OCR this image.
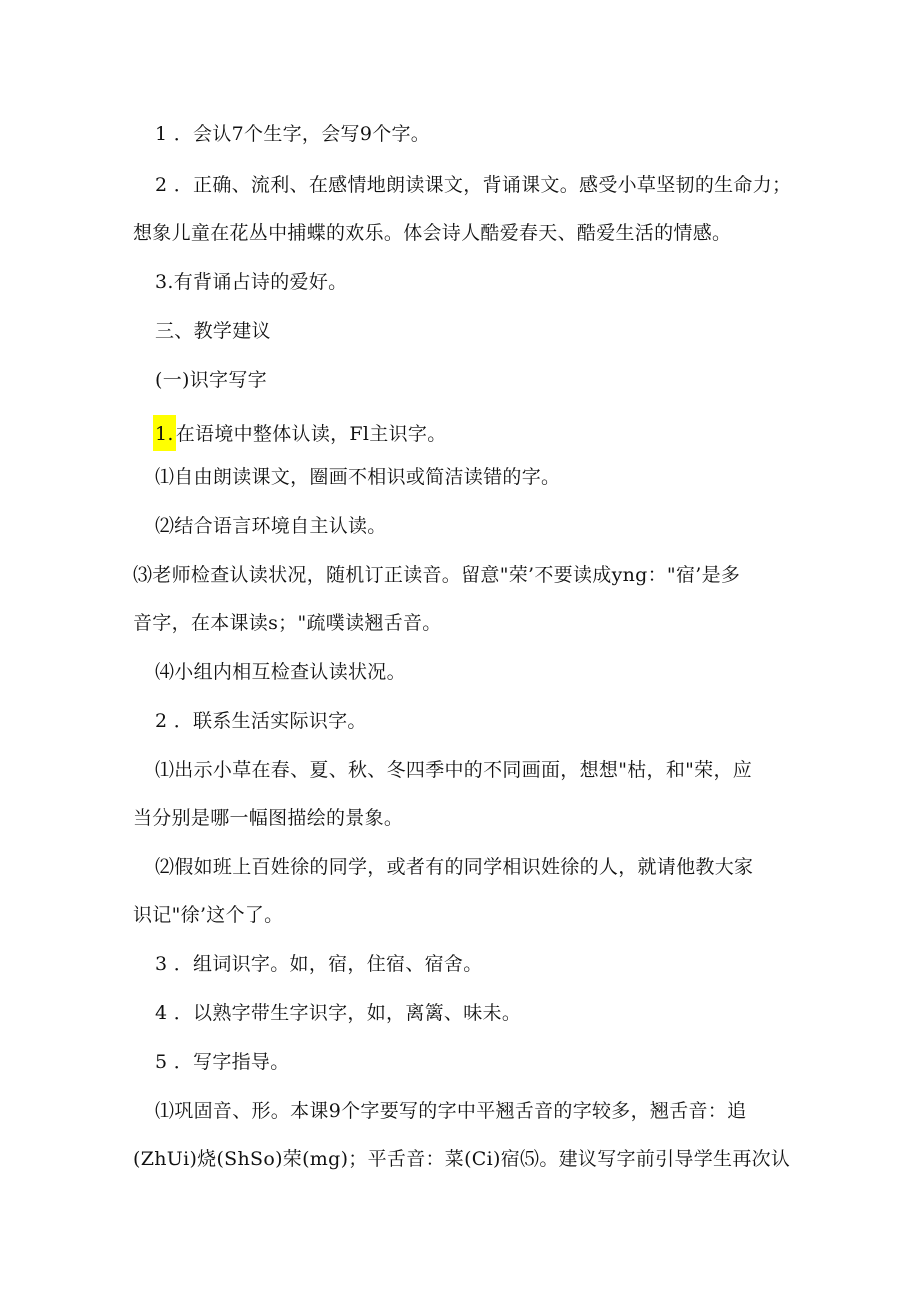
1 ．会认7个生字，会写9个字。
2 ．正确、流利、在感情地朗读课文，背诵课文。感受小草坚韧的生命力；
想象儿童在花丛中捕蝶的欢乐。体会诗人酷爱春天、酷爱生活的情感。
3.有背诵占诗的爱好。
三、教学建议
(一)识字写字
1. 在语境中整体认读，Fl主识字。
⑴自由朗读课文，圈画不相识或简洁读错的字。
⑵结合语言环境自主认读。
⑶老师检查认读状况，随机订正读音。留意"荣’不要读成yng："宿’是多
音字，在本课读s；"疏噗读翘舌音。
⑷小组内相互检查认读状况。
2 ．联系生活实际识字。
⑴出示小草在春、夏、秋、冬四季中的不同画面，想想"枯，和"荣，应
当分别是哪一幅图描绘的景象。
⑵假如班上百姓徐的同学，或者有的同学相识姓徐的人，就请他教大家
识记"徐’这个了。
3 ．组词识字。如，宿，住宿、宿舍。
4 ．以熟字带生字识字，如，离篱、味未。
5 ．写字指导。
⑴巩固音、形。本课9个字要写的字中平翘舌音的字较多，翘舌音：追
(ZhUi)烧(ShSo)荣(mg)；平舌音：菜(Ci)宿⑸。建议写字前引导学生再次认
